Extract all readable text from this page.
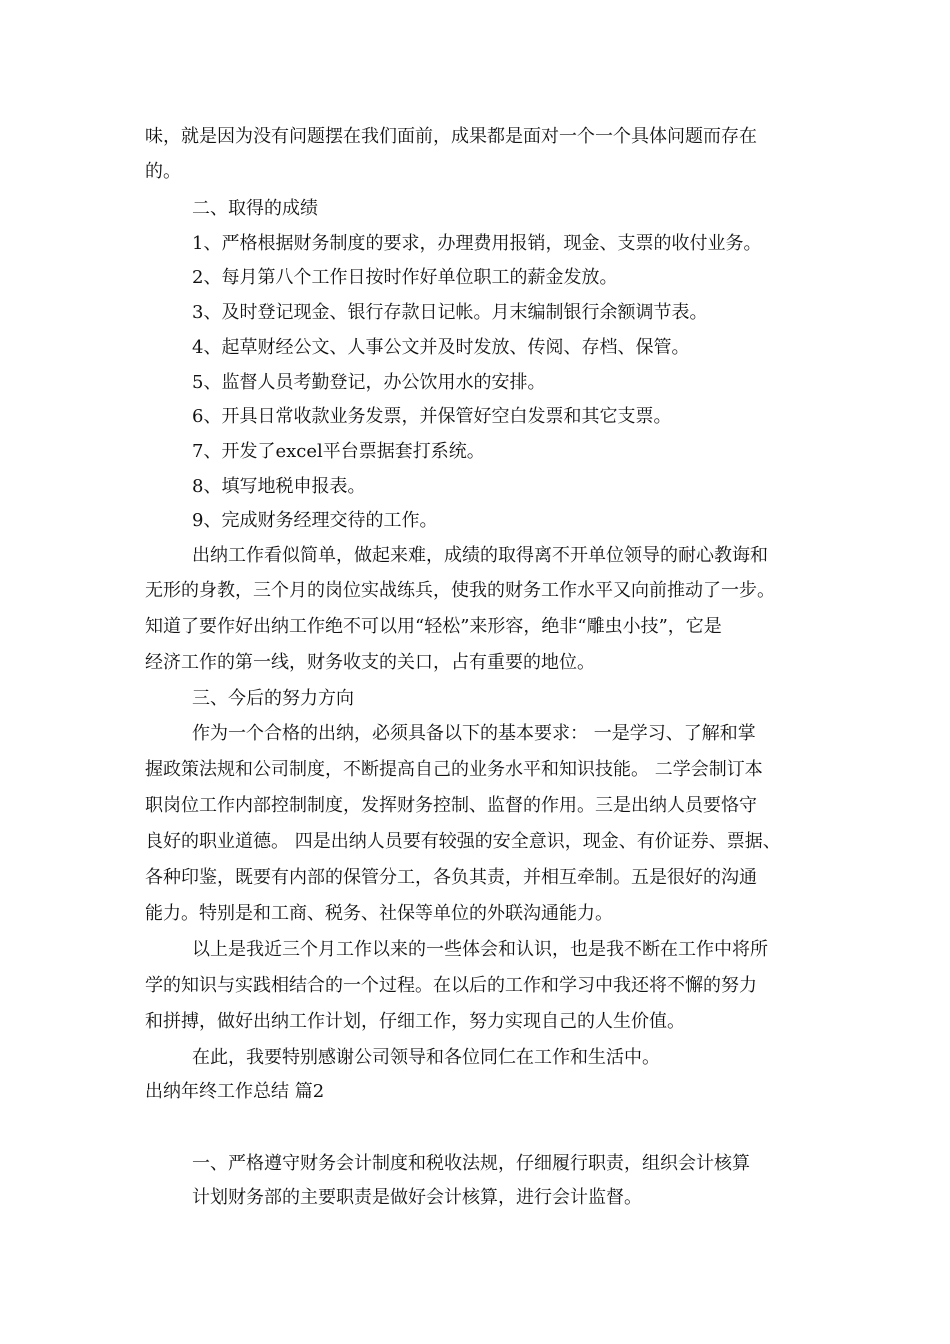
味，就是因为没有问题摆在我们面前，成果都是面对一个一个具体问题而存在

的。

二、取得的成绩

1、严格根据财务制度的要求，办理费用报销，现金、支票的收付业务。

2、每月第八个工作日按时作好单位职工的薪金发放。

3、及时登记现金、银行存款日记帐。月末编制银行余额调节表。

4、起草财经公文、人事公文并及时发放、传阅、存档、保管。

5、监督人员考勤登记，办公饮用水的安排。

6、开具日常收款业务发票，并保管好空白发票和其它支票。

7、开发了excel平台票据套打系统。

8、填写地税申报表。

9、完成财务经理交待的工作。

出纳工作看似简单，做起来难，成绩的取得离不开单位领导的耐心教诲和

无形的身教，三个月的岗位实战练兵，使我的财务工作水平又向前推动了一步。

知道了要作好出纳工作绝不可以用“轻松”来形容，绝非“雕虫小技”，它是

经济工作的第一线，财务收支的关口，占有重要的地位。

三、今后的努力方向

作为一个合格的出纳，必须具备以下的基本要求： 一是学习、了解和掌

握政策法规和公司制度，不断提高自己的业务水平和知识技能。 二学会制订本

职岗位工作内部控制制度，发挥财务控制、监督的作用。三是出纳人员要恪守

良好的职业道德。 四是出纳人员要有较强的安全意识，现金、有价证券、票据、

各种印鉴，既要有内部的保管分工，各负其责，并相互牵制。五是很好的沟通

能力。特别是和工商、税务、社保等单位的外联沟通能力。

以上是我近三个月工作以来的一些体会和认识，也是我不断在工作中将所

学的知识与实践相结合的一个过程。在以后的工作和学习中我还将不懈的努力

和拼搏，做好出纳工作计划，仔细工作，努力实现自己的人生价值。

在此，我要特别感谢公司领导和各位同仁在工作和生活中。

出纳年终工作总结 篇2

一、严格遵守财务会计制度和税收法规，仔细履行职责，组织会计核算

计划财务部的主要职责是做好会计核算，进行会计监督。
